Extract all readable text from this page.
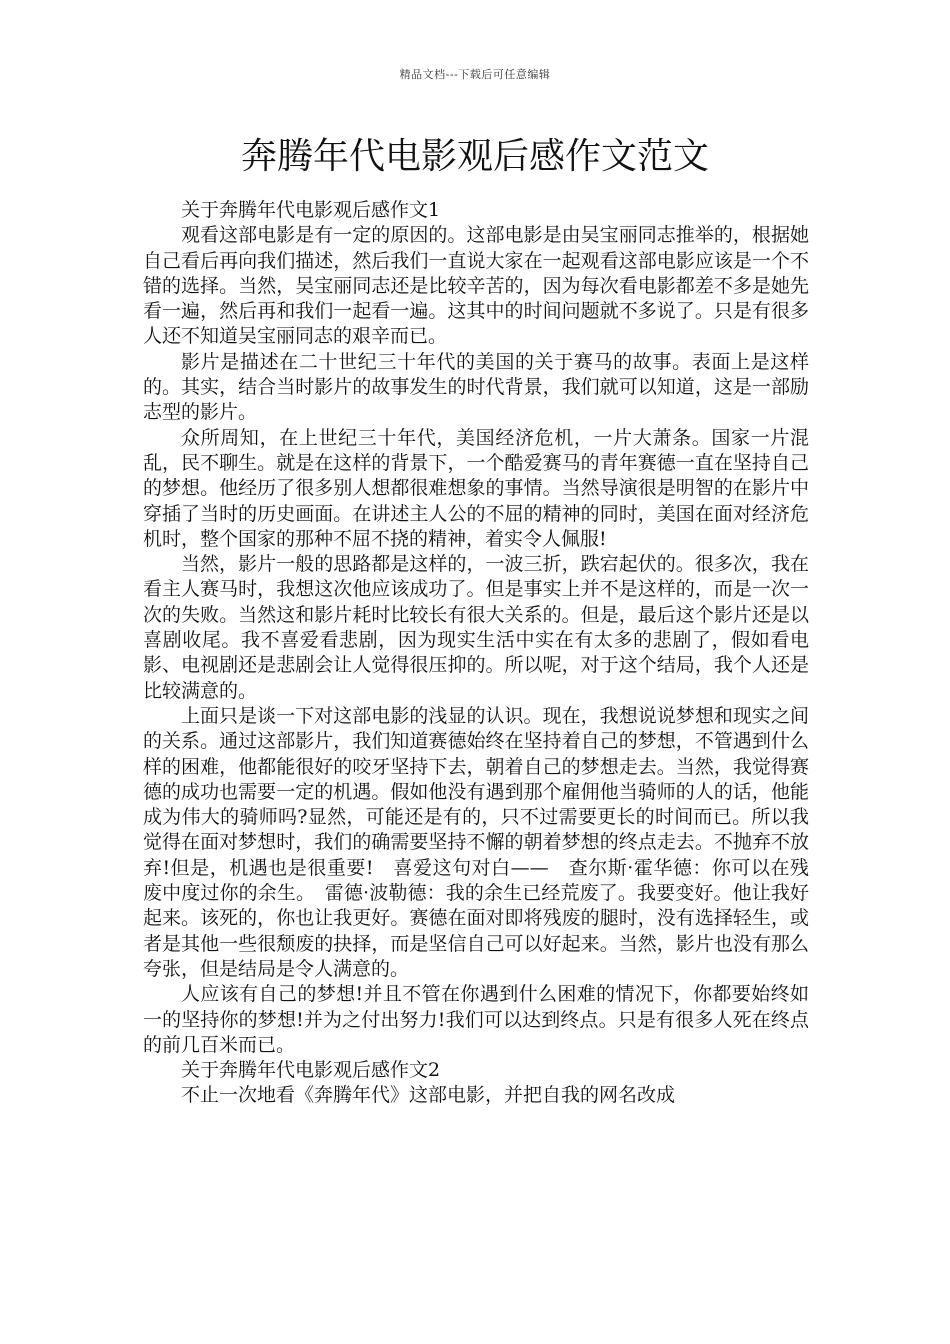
精品文档---下载后可任意编辑
奔腾年代电影观后感作文范文

关于奔腾年代电影观后感作文1

观看这部电影是有一定的原因的。这部电影是由吴宝丽同志推举的，根据她自己看后再向我们描述，然后我们一直说大家在一起观看这部电影应该是一个不错的选择。当然，吴宝丽同志还是比较辛苦的，因为每次看电影都差不多是她先看一遍，然后再和我们一起看一遍。这其中的时间问题就不多说了。只是有很多人还不知道吴宝丽同志的艰辛而已。

影片是描述在二十世纪三十年代的美国的关于赛马的故事。表面上是这样的。其实，结合当时影片的故事发生的时代背景，我们就可以知道，这是一部励志型的影片。

众所周知，在上世纪三十年代，美国经济危机，一片大萧条。国家一片混乱，民不聊生。就是在这样的背景下，一个酷爱赛马的青年赛德一直在坚持自己的梦想。他经历了很多别人想都很难想象的事情。当然导演很是明智的在影片中穿插了当时的历史画面。在讲述主人公的不屈的精神的同时，美国在面对经济危机时，整个国家的那种不屈不挠的精神，着实令人佩服!

当然，影片一般的思路都是这样的，一波三折，跌宕起伏的。很多次，我在看主人赛马时，我想这次他应该成功了。但是事实上并不是这样的，而是一次一次的失败。当然这和影片耗时比较长有很大关系的。但是，最后这个影片还是以喜剧收尾。我不喜爱看悲剧，因为现实生活中实在有太多的悲剧了，假如看电影、电视剧还是悲剧会让人觉得很压抑的。所以呢，对于这个结局，我个人还是比较满意的。

上面只是谈一下对这部电影的浅显的认识。现在，我想说说梦想和现实之间的关系。通过这部影片，我们知道赛德始终在坚持着自己的梦想，不管遇到什么样的困难，他都能很好的咬牙坚持下去，朝着自己的梦想走去。当然，我觉得赛德的成功也需要一定的机遇。假如他没有遇到那个雇佣他当骑师的人的话，他能成为伟大的骑师吗?显然，可能还是有的，只不过需要更长的时间而已。所以我觉得在面对梦想时，我们的确需要坚持不懈的朝着梦想的终点走去。不抛弃不放弃!但是，机遇也是很重要!　喜爱这句对白——　查尔斯·霍华德：你可以在残废中度过你的余生。　雷德·波勒德：我的余生已经荒废了。我要变好。他让我好起来。该死的，你也让我更好。赛德在面对即将残废的腿时，没有选择轻生，或者是其他一些很颓废的抉择，而是坚信自己可以好起来。当然，影片也没有那么夸张，但是结局是令人满意的。

人应该有自己的梦想!并且不管在你遇到什么困难的情况下，你都要始终如一的坚持你的梦想!并为之付出努力!我们可以达到终点。只是有很多人死在终点的前几百米而已。

关于奔腾年代电影观后感作文2

不止一次地看《奔腾年代》这部电影，并把自我的网名改成
